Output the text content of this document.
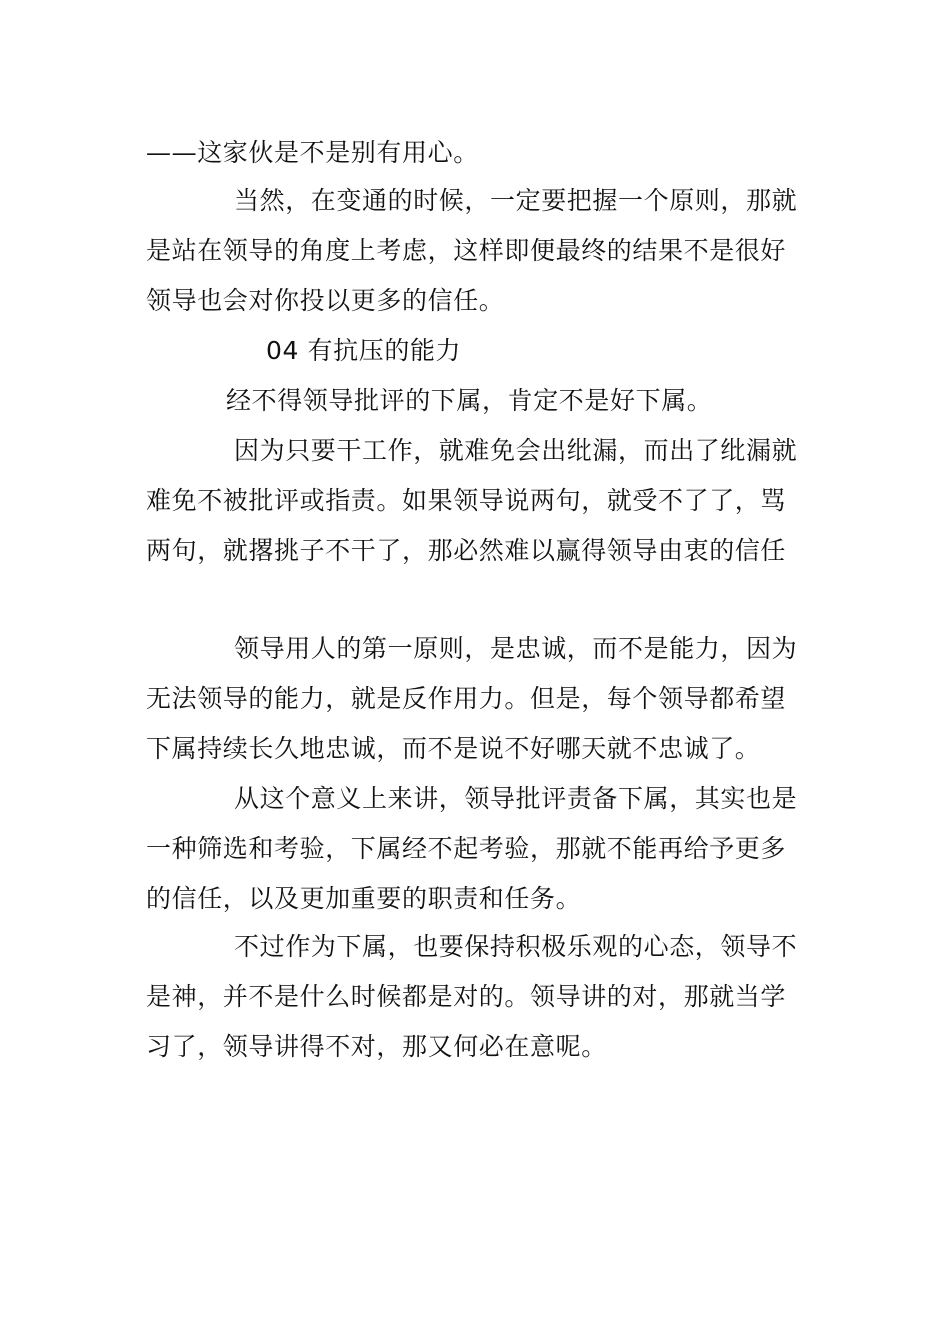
——这家伙是不是别有用心。
当然，在变通的时候，一定要把握一个原则，那就
是站在领导的角度上考虑，这样即便最终的结果不是很好
领导也会对你投以更多的信任。
04 有抗压的能力
经不得领导批评的下属，肯定不是好下属。
因为只要干工作，就难免会出纰漏，而出了纰漏就
难免不被批评或指责。如果领导说两句，就受不了了，骂
两句，就撂挑子不干了，那必然难以赢得领导由衷的信任
领导用人的第一原则，是忠诚，而不是能力，因为
无法领导的能力，就是反作用力。但是，每个领导都希望
下属持续长久地忠诚，而不是说不好哪天就不忠诚了。
从这个意义上来讲，领导批评责备下属，其实也是
一种筛选和考验，下属经不起考验，那就不能再给予更多
的信任，以及更加重要的职责和任务。
不过作为下属，也要保持积极乐观的心态，领导不
是神，并不是什么时候都是对的。领导讲的对，那就当学
习了，领导讲得不对，那又何必在意呢。
